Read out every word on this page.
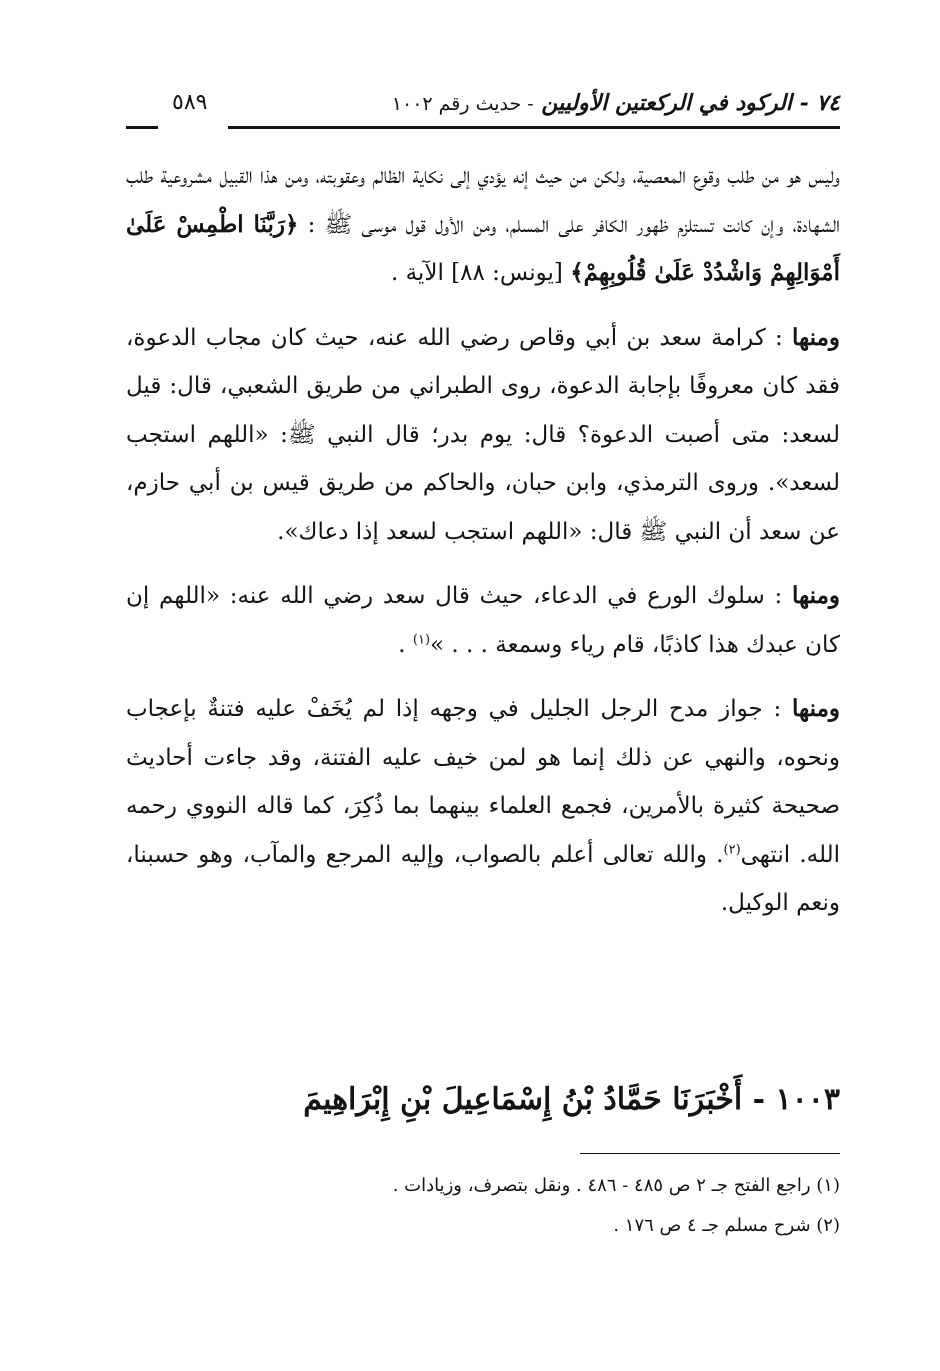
٧٤ - الركود في الركعتين الأوليين - حديث رقم ١٠٠٢
٥٨٩

وليس هو من طلب وقوع المعصية، ولكن من حيث إنه يؤدي إلى نكاية الظالم وعقوبته، ومن هذا القبيل مشروعية طلب الشهادة، وإن كانت تستلزم ظهور الكافر على المسلم، ومن الأول قول موسى ﷺ : ﴿رَبَّنَا اطْمِسْ عَلَىٰ أَمْوَالِهِمْ وَاشْدُدْ عَلَىٰ قُلُوبِهِمْ﴾ [يونس: ٨٨] الآية .

ومنها : كرامة سعد بن أبي وقاص رضي الله عنه، حيث كان مجاب الدعوة، فقد كان معروفًا بإجابة الدعوة، روى الطبراني من طريق الشعبي، قال: قيل لسعد: متى أصبت الدعوة؟ قال: يوم بدر؛ قال النبي ﷺ: «اللهم استجب لسعد». وروى الترمذي، وابن حبان، والحاكم من طريق قيس بن أبي حازم، عن سعد أن النبي ﷺ قال: «اللهم استجب لسعد إذا دعاك».

ومنها : سلوك الورع في الدعاء، حيث قال سعد رضي الله عنه: «اللهم إن كان عبدك هذا كاذبًا، قام رياء وسمعة . . . »$^{(١)}$ .

ومنها : جواز مدح الرجل الجليل في وجهه إذا لم يُخَفْ عليه فتنةٌ بإعجاب ونحوه، والنهي عن ذلك إنما هو لمن خيف عليه الفتنة، وقد جاءت أحاديث صحيحة كثيرة بالأمرين، فجمع العلماء بينهما بما ذُكِرَ، كما قاله النووي رحمه الله. انتهى$^{(٢)}$. والله تعالى أعلم بالصواب، وإليه المرجع والمآب، وهو حسبنا، ونعم الوكيل.

١٠٠٣ - أَخْبَرَنَا حَمَّادُ بْنُ إِسْمَاعِيلَ بْنِ إِبْرَاهِيمَ
(١) راجع الفتح جـ ٢ ص ٤٨٥ - ٤٨٦ . ونقل بتصرف، وزيادات .
(٢) شرح مسلم جـ ٤ ص ١٧٦ .
